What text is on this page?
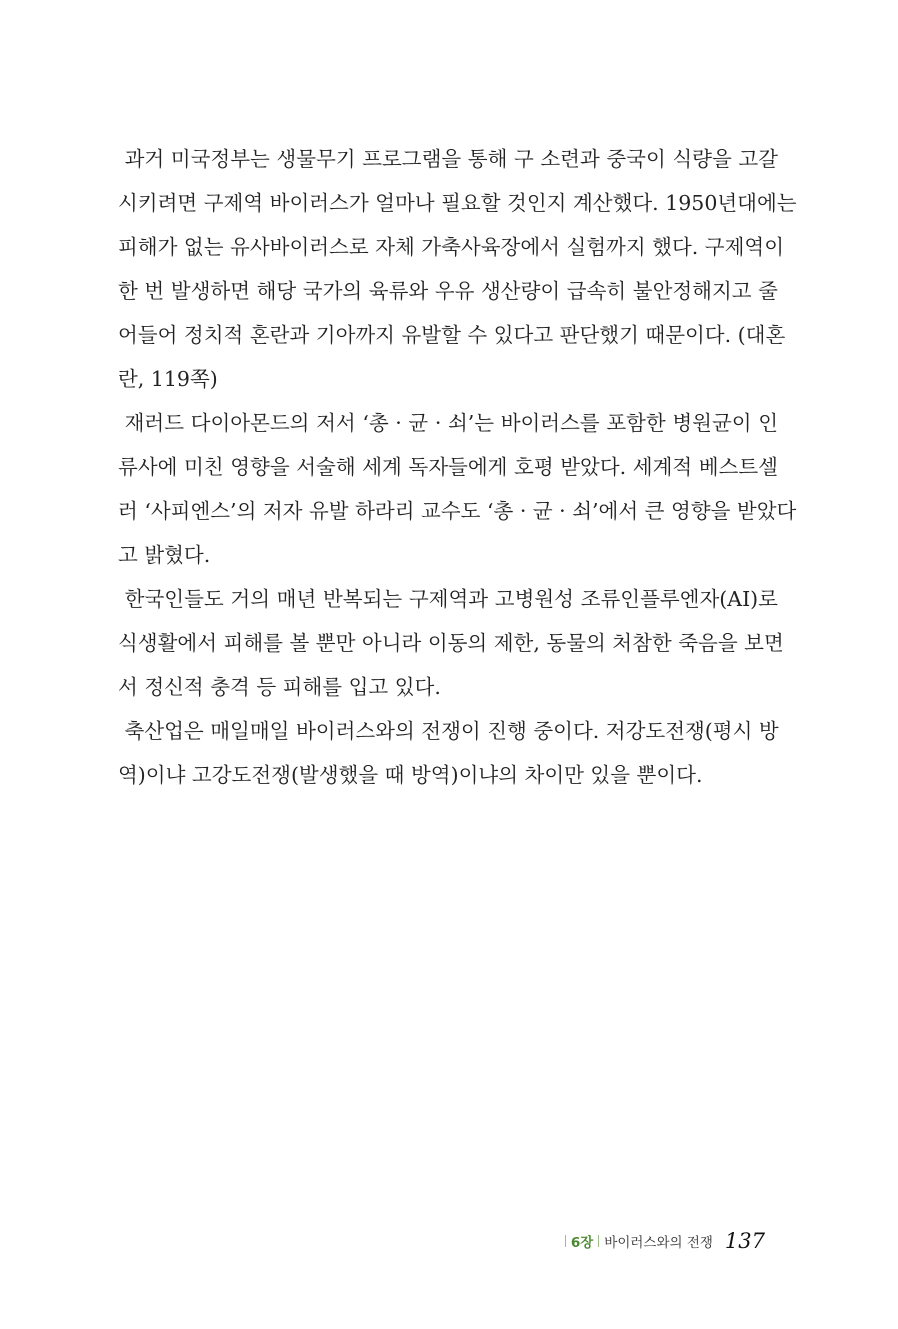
과거 미국정부는 생물무기 프로그램을 통해 구 소련과 중국이 식량을 고갈
시키려면 구제역 바이러스가 얼마나 필요할 것인지 계산했다. 1950년대에는
피해가 없는 유사바이러스로 자체 가축사육장에서 실험까지 했다. 구제역이
한 번 발생하면 해당 국가의 육류와 우유 생산량이 급속히 불안정해지고 줄
어들어 정치적 혼란과 기아까지 유발할 수 있다고 판단했기 때문이다. (대혼
란, 119쪽)

재러드 다이아몬드의 저서 ‘총 · 균 · 쇠’는 바이러스를 포함한 병원균이 인
류사에 미친 영향을 서술해 세계 독자들에게 호평 받았다. 세계적 베스트셀
러 ‘사피엔스’의 저자 유발 하라리 교수도 ‘총 · 균 · 쇠’에서 큰 영향을 받았다
고 밝혔다.

한국인들도 거의 매년 반복되는 구제역과 고병원성 조류인플루엔자(AI)로
식생활에서 피해를 볼 뿐만 아니라 이동의 제한, 동물의 처참한 죽음을 보면
서 정신적 충격 등 피해를 입고 있다.

축산업은 매일매일 바이러스와의 전쟁이 진행 중이다. 저강도전쟁(평시 방
역)이냐 고강도전쟁(발생했을 때 방역)이냐의 차이만 있을 뿐이다.

6장 바이러스와의 전쟁 137
